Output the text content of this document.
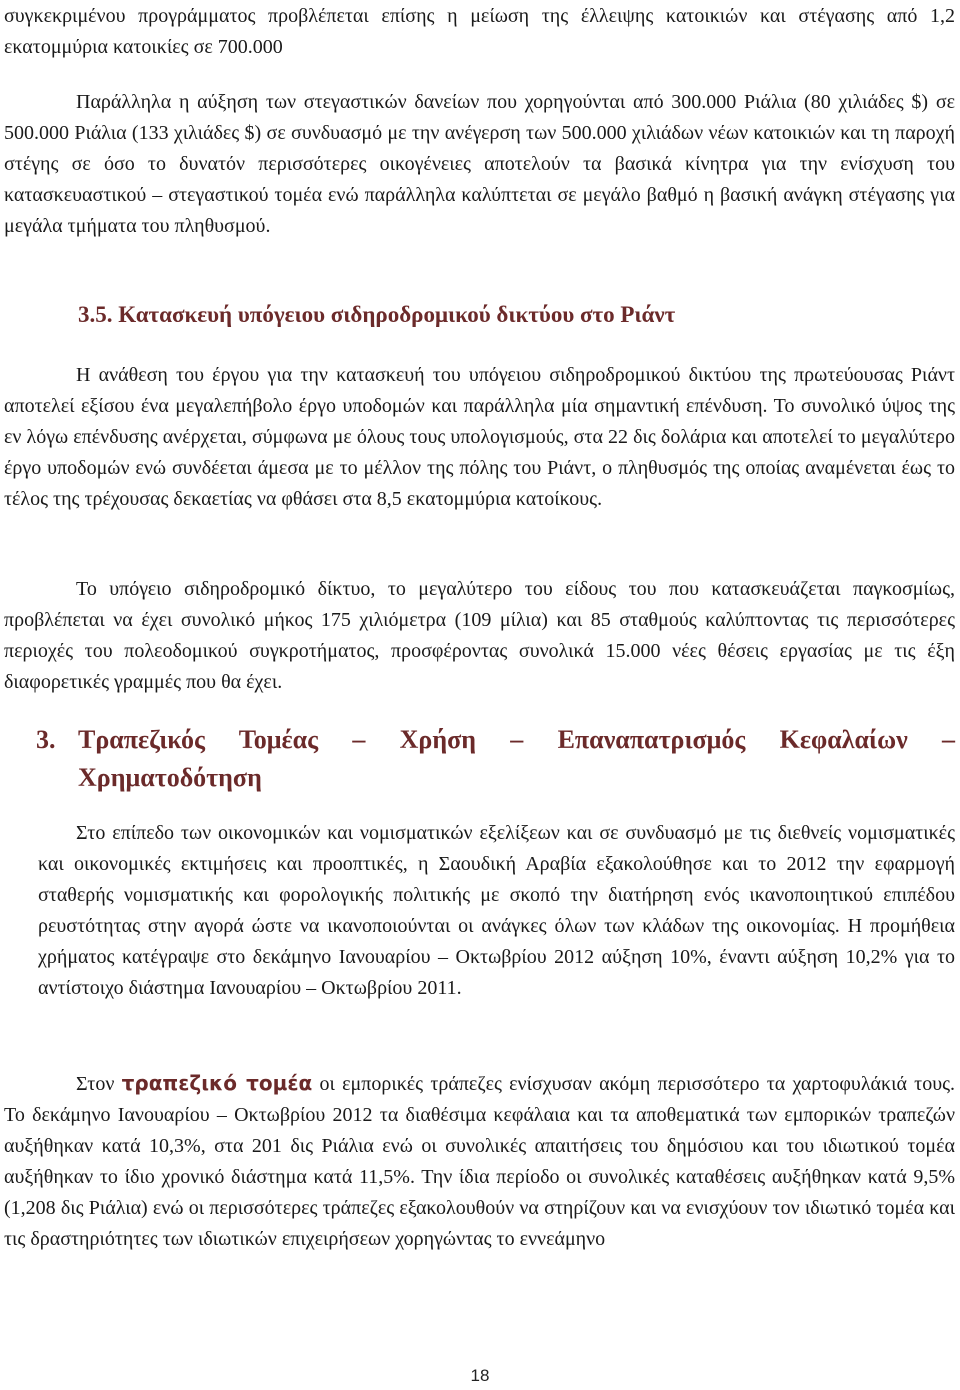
συγκεκριμένου προγράμματος προβλέπεται επίσης η μείωση της έλλειψης κατοικιών και στέγασης από 1,2 εκατομμύρια κατοικίες σε 700.000

Παράλληλα η αύξηση των στεγαστικών δανείων που χορηγούνται από 300.000 Ριάλια (80 χιλιάδες $) σε 500.000 Ριάλια (133 χιλιάδες $) σε συνδυασμό με την ανέγερση των 500.000 χιλιάδων νέων κατοικιών και τη παροχή στέγης σε όσο το δυνατόν περισσότερες οικογένειες αποτελούν τα βασικά κίνητρα για την ενίσχυση του κατασκευαστικού – στεγαστικού τομέα ενώ παράλληλα καλύπτεται σε μεγάλο βαθμό η βασική ανάγκη στέγασης για μεγάλα τμήματα του πληθυσμού.

3.5. Κατασκευή υπόγειου σιδηροδρομικού δικτύου στο Ριάντ

Η ανάθεση του έργου για την κατασκευή του υπόγειου σιδηροδρομικού δικτύου της πρωτεύουσας Ριάντ αποτελεί εξίσου ένα μεγαλεπήβολο έργο υποδομών και παράλληλα μία σημαντική επένδυση. Το συνολικό ύψος της εν λόγω επένδυσης ανέρχεται, σύμφωνα με όλους τους υπολογισμούς, στα 22 δις δολάρια και αποτελεί το μεγαλύτερο έργο υποδομών ενώ συνδέεται άμεσα με το μέλλον της πόλης του Ριάντ, ο πληθυσμός της οποίας αναμένεται έως το τέλος της τρέχουσας δεκαετίας να φθάσει στα 8,5 εκατομμύρια κατοίκους.

Το υπόγειο σιδηροδρομικό δίκτυο, το μεγαλύτερο του είδους του που κατασκευάζεται παγκοσμίως, προβλέπεται να έχει συνολικό μήκος 175 χιλιόμετρα (109 μίλια) και 85 σταθμούς καλύπτοντας τις περισσότερες περιοχές του πολεοδομικού συγκροτήματος, προσφέροντας συνολικά 15.000 νέες θέσεις εργασίας με τις έξη διαφορετικές γραμμές που θα έχει.

3. Τραπεζικός Τομέας – Χρήση – Επαναπατρισμός Κεφαλαίων –
Χρηματοδότηση

Στο επίπεδο των οικονομικών και νομισματικών εξελίξεων και σε συνδυασμό με τις διεθνείς νομισματικές και οικονομικές εκτιμήσεις και προοπτικές, η Σαουδική Αραβία εξακολούθησε και το 2012 την εφαρμογή σταθερής νομισματικής και φορολογικής πολιτικής με σκοπό την διατήρηση ενός ικανοποιητικού επιπέδου ρευστότητας στην αγορά ώστε να ικανοποιούνται οι ανάγκες όλων των κλάδων της οικονομίας. Η προμήθεια χρήματος κατέγραψε στο δεκάμηνο Ιανουαρίου – Οκτωβρίου 2012 αύξηση 10%, έναντι αύξηση 10,2% για το αντίστοιχο διάστημα Ιανουαρίου – Οκτωβρίου 2011.

Στον τραπεζικό τομέα οι εμπορικές τράπεζες ενίσχυσαν ακόμη περισσότερο τα χαρτοφυλάκιά τους. Το δεκάμηνο Ιανουαρίου – Οκτωβρίου 2012 τα διαθέσιμα κεφάλαια και τα αποθεματικά των εμπορικών τραπεζών αυξήθηκαν κατά 10,3%, στα 201 δις Ριάλια ενώ οι συνολικές απαιτήσεις του δημόσιου και του ιδιωτικού τομέα αυξήθηκαν το ίδιο χρονικό διάστημα κατά 11,5%. Την ίδια περίοδο οι συνολικές καταθέσεις αυξήθηκαν κατά 9,5% (1,208 δις Ριάλια) ενώ οι περισσότερες τράπεζες εξακολουθούν να στηρίζουν και να ενισχύουν τον ιδιωτικό τομέα και τις δραστηριότητες των ιδιωτικών επιχειρήσεων χορηγώντας το εννεάμηνο

18
